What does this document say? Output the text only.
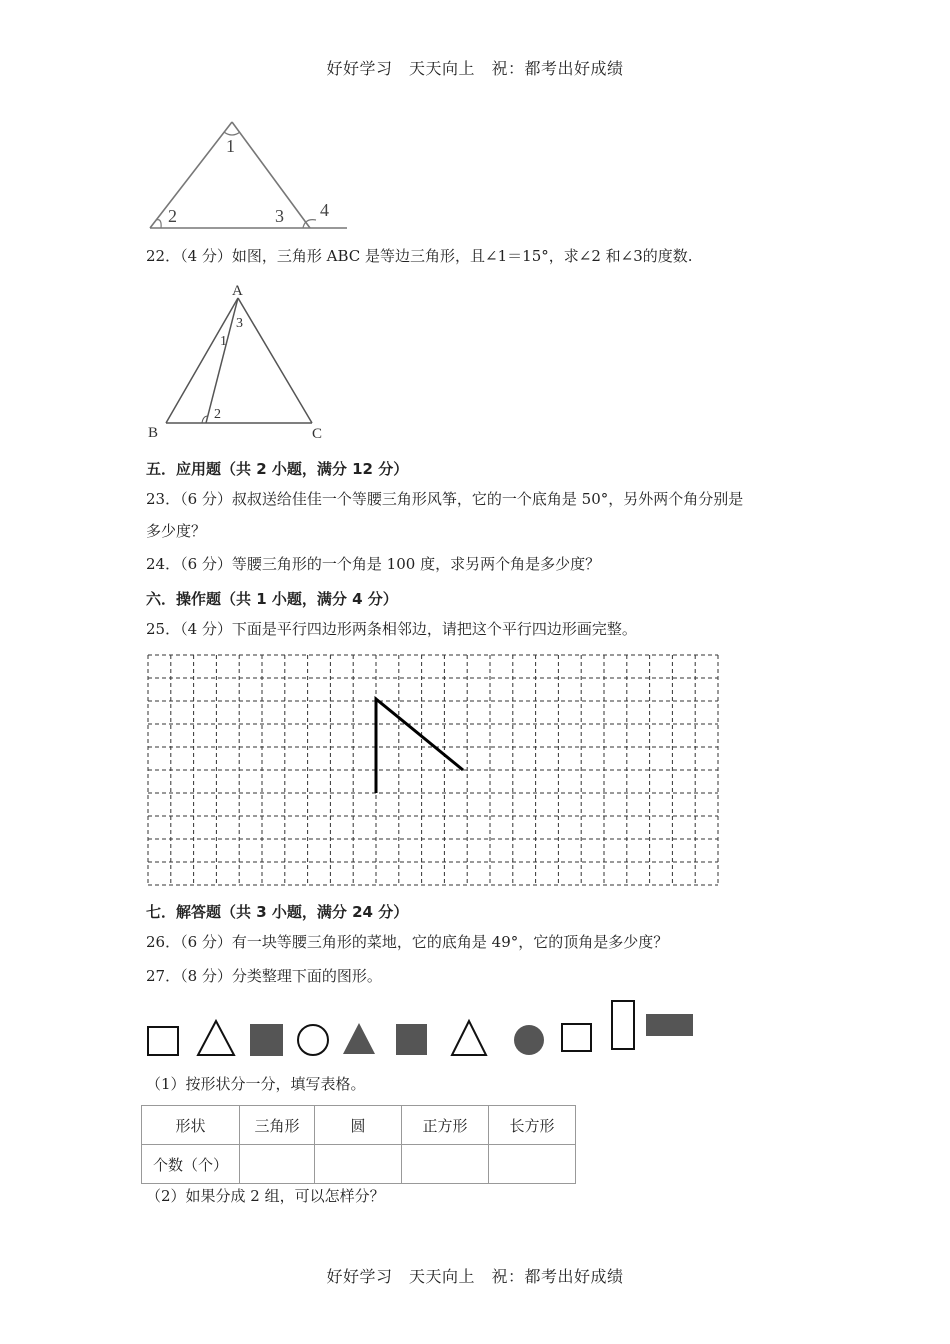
好好学习　天天向上　祝：都考出好成绩
1
2	3 4
22．（4 分）如图，三角形 ABC 是等边三角形，且∠1＝15°，求∠2 和∠3的度数.
A
B	C
1
2
3
五．应用题（共 2 小题，满分 12 分）
23．（6 分）叔叔送给佳佳一个等腰三角形风筝，它的一个底角是 50°，另外两个角分别是
多少度？
24．（6 分）等腰三角形的一个角是 100 度，求另两个角是多少度？
六．操作题（共 1 小题，满分 4 分）
25．（4 分）下面是平行四边形两条相邻边，请把这个平行四边形画完整。
七．解答题（共 3 小题，满分 24 分）
26．（6 分）有一块等腰三角形的菜地，它的底角是 49°，它的顶角是多少度？
27．（8 分）分类整理下面的图形。
（1）按形状分一分，填写表格。
形状	三角形	圆	正方形	长方形
个数（个）				
（2）如果分成 2 组，可以怎样分？
好好学习　天天向上　祝：都考出好成绩
